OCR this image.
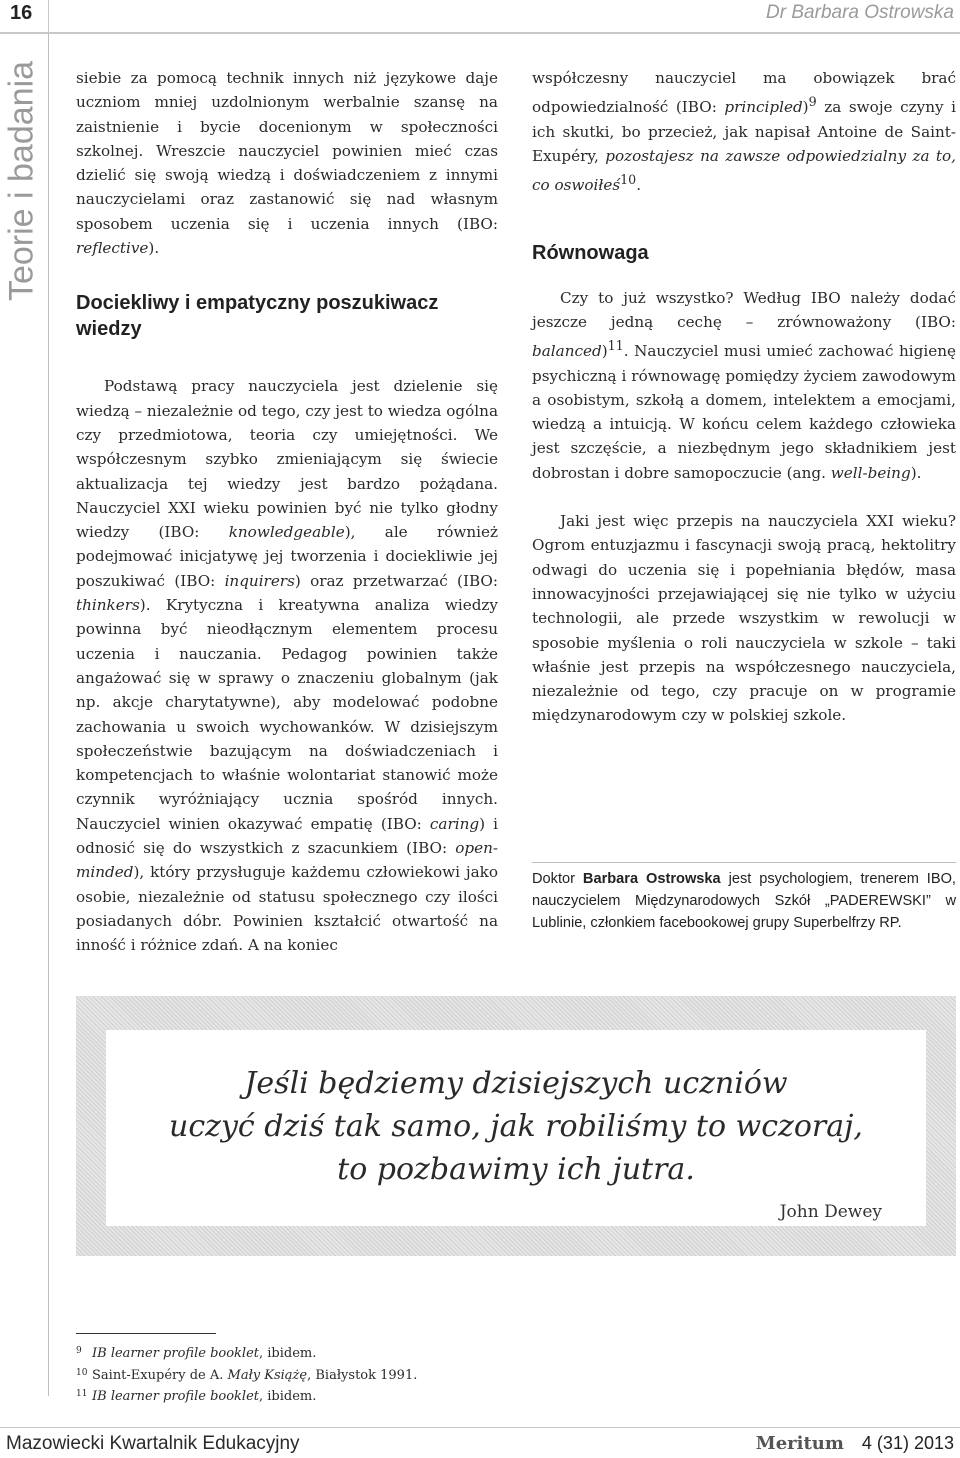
16	Dr Barbara Ostrowska
Teorie i badania siebie za pomocą technik innych niż językowe daje uczniom mniej uzdolnionym werbalnie szansę na zaistnienie i bycie docenionym w społeczności szkolnej. Wreszcie nauczyciel powinien mieć czas dzielić się swoją wiedzą i doświadczeniem z innymi nauczycielami oraz zastanowić się nad własnym sposobem uczenia się i uczenia innych (IBO: reflective).

Dociekliwy i empatyczny poszukiwacz wiedzy

Podstawą pracy nauczyciela jest dzielenie się wiedzą – niezależnie od tego, czy jest to wiedza ogólna czy przedmiotowa, teoria czy umiejętności. We współczesnym szybko zmieniającym się świecie aktualizacja tej wiedzy jest bardzo pożądana. Nauczyciel XXI wieku powinien być nie tylko głodny wiedzy (IBO: knowledgeable), ale również podejmować inicjatywę jej tworzenia i dociekliwie jej poszukiwać (IBO: inquirers) oraz przetwarzać (IBO: thinkers). Krytyczna i kreatywna analiza wiedzy powinna być nieodłącznym elementem procesu uczenia i nauczania. Pedagog powinien także angażować się w sprawy o znaczeniu globalnym (jak np. akcje charytatywne), aby modelować podobne zachowania u swoich wychowanków. W dzisiejszym społeczeństwie bazującym na doświadczeniach i kompetencjach to właśnie wolontariat stanowić może czynnik wyróżniający ucznia spośród innych. Nauczyciel winien okazywać empatię (IBO: caring) i odnosić się do wszystkich z szacunkiem (IBO: open-minded), który przysługuje każdemu człowiekowi jako osobie, niezależnie od statusu społecznego czy ilości posiadanych dóbr. Powinien kształcić otwartość na inność i różnice zdań. A na koniec

współczesny nauczyciel ma obowiązek brać odpowiedzialność (IBO: principled)$^9$ za swoje czyny i ich skutki, bo przecież, jak napisał Antoine de Saint-Exupéry, pozostajesz na zawsze odpowiedzialny za to, co oswoiłeś$^{10}$.

Równowaga

Czy to już wszystko? Według IBO należy dodać jeszcze jedną cechę – zrównoważony (IBO: balanced)$^{11}$. Nauczyciel musi umieć zachować higienę psychiczną i równowagę pomiędzy życiem zawodowym a osobistym, szkołą a domem, intelektem a emocjami, wiedzą a intuicją. W końcu celem każdego człowieka jest szczęście, a niezbędnym jego składnikiem jest dobrostan i dobre samopoczucie (ang. well-being).

Jaki jest więc przepis na nauczyciela XXI wieku? Ogrom entuzjazmu i fascynacji swoją pracą, hektolitry odwagi do uczenia się i popełniania błędów, masa innowacyjności przejawiającej się nie tylko w użyciu technologii, ale przede wszystkim w rewolucji w sposobie myślenia o roli nauczyciela w szkole – taki właśnie jest przepis na współczesnego nauczyciela, niezależnie od tego, czy pracuje on w programie międzynarodowym czy w polskiej szkole.

Doktor Barbara Ostrowska jest psychologiem, trenerem IBO, nauczycielem Międzynarodowych Szkół „PADEREWSKI” w Lublinie, członkiem facebookowej grupy Superbelfrzy RP.

Jeśli będziemy dzisiejszych uczniów
uczyć dziś tak samo, jak robiliśmy to wczoraj,
to pozbawimy ich jutra.
John Dewey
$^9$ IB learner profile booklet, ibidem.
$^{10}$ Saint-Exupéry de A. Mały Książę, Białystok 1991.
$^{11}$ IB learner profile booklet, ibidem.
Mazowiecki Kwartalnik Edukacyjny	Meritum 4 (31) 2013
